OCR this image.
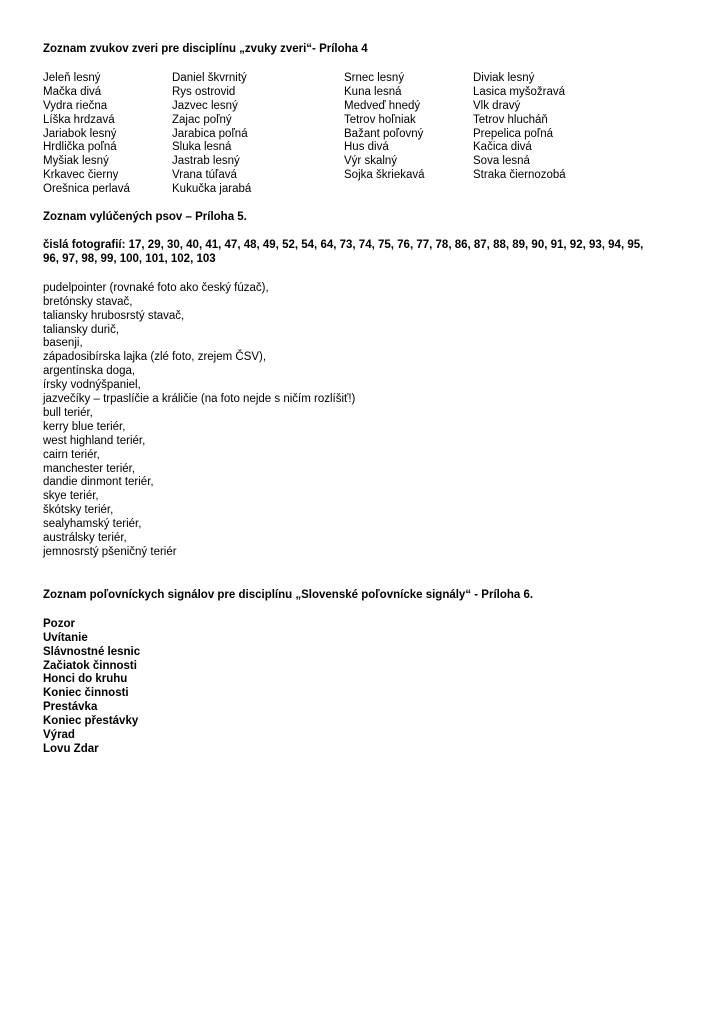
Zoznam zvukov zveri pre disciplínu „zvuky zveri“- Príloha 4

Jeleň lesný
Mačka divá
Vydra riečna
Líška hrdzavá
Jariabok lesný
Hrdlička poľná
Myšiak lesný
Krkavec čierny
Orešnica perlavá
Daniel škvrnitý
Rys ostrovid
Jazvec lesný
Zajac poľný
Jarabica poľná
Sluka lesná
Jastrab lesný
Vrana túľavá
Kukučka jarabá
Srnec lesný
Kuna lesná
Medveď hnedý
Tetrov hoľniak
Bažant poľovný
Hus divá
Výr skalný
Sojka škriekavá
Diviak lesný
Lasica myšožravá
Vlk dravý
Tetrov hlucháň
Prepelica poľná
Kačica divá
Sova lesná
Straka čiernozobá

Zoznam vylúčených psov – Príloha 5.

čislá fotografií: 17, 29, 30, 40, 41, 47, 48, 49, 52, 54, 64, 73, 74, 75, 76, 77, 78, 86, 87, 88, 89, 90, 91, 92, 93, 94, 95,
96, 97, 98, 99, 100, 101, 102, 103
pudelpointer (rovnaké foto ako český fúzač),
bretónsky stavač,
taliansky hrubosrstý stavač,
taliansky durič,
basenji,
západosibírska lajka (zlé foto, zrejem ČSV),
argentínska doga,
írsky vodnýšpaniel,
jazvečíky – trpaslíčie a králičie (na foto nejde s ničím rozlíšiť!)
bull teriér,
kerry blue teriér,
west highland teriér,
cairn teriér,
manchester teriér,
dandie dinmont teriér,
skye teriér,
škótsky teriér,
sealyhamský teriér,
austrálsky teriér,
jemnosrstý pšeničný teriér

Zoznam poľovníckych signálov pre disciplínu „Slovenské poľovnícke signály“ - Príloha 6.

Pozor
Uvítanie
Slávnostné lesnic
Začiatok činnosti
Honci do kruhu
Koniec činnosti
Prestávka
Koniec přestávky
Výrad
Lovu Zdar
